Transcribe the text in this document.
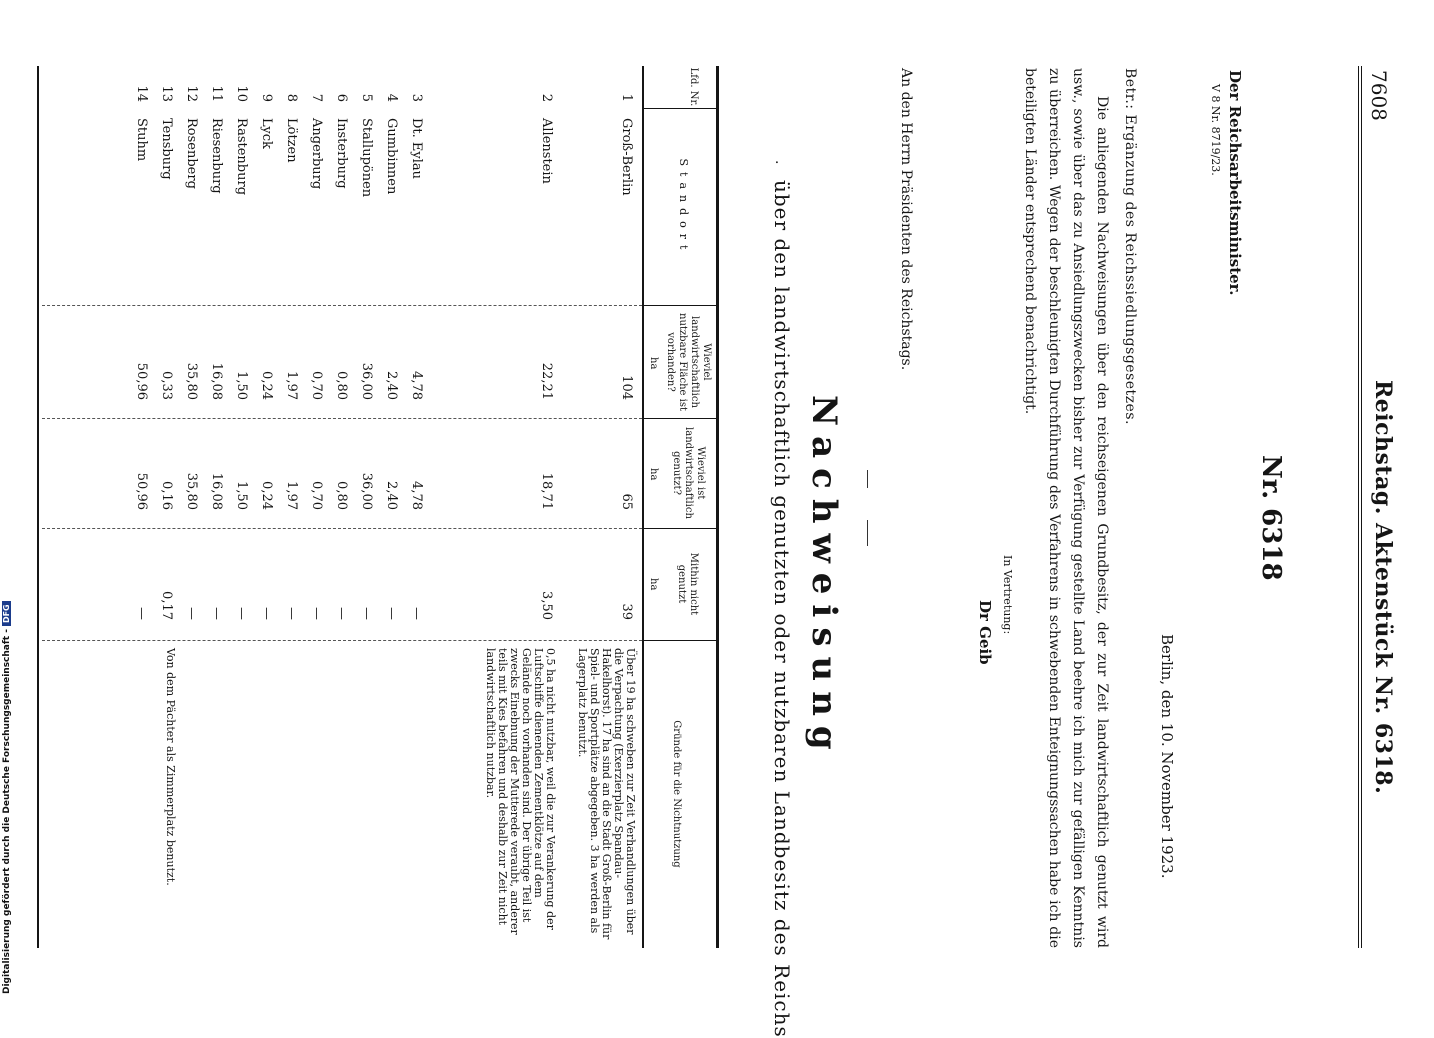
7608
Reichstag. Aktenstück Nr. 6318.
Nr. 6318
Der Reichsarbeitsminister.
V 8 Nr. 8719/23.
Berlin, den 10. November 1923.
Betr.: Ergänzung des Reichssiedlungsgesetzes.
Die anliegenden Nachweisungen über den reichseigenen Grundbesitz, der zur Zeit landwirtschaftlich genutzt wird usw., sowie über das zu Ansiedlungszwecken bisher zur Verfügung gestellte Land beehre ich mich zur gefälligen Kenntnis zu überreichen. Wegen der beschleunigten Durchführung des Verfahrens in schwebenden Enteignungssachen habe ich die beteiligten Länder entsprechend benachrichtigt.
In Vertretung:
Dr Geib
An den Herrn Präsidenten des Reichstags.
Nachweisung
·
über den landwirtschaftlich genutzten oder nutzbaren Landbesitz des Reichs
Lfd. Nr.
Standort
Wieviel landwirtschaftlich nutzbare Fläche ist vorhanden?
Wieviel ist landwirtschaftlich genutzt?
Mithin nicht genutzt
Gründe für die Nichtnutzung
ha
ha
ha
1
Groß-Berlin
104
65
39
Über 19 ha schweben zur Zeit Verhandlungen über die Verpachtung (Exerzierplatz Spandau-Hakelhorst). 17 ha sind an die Stadt Groß-Berlin für Spiel- und Sportplätze abgegeben. 3 ha werden als Lagerplatz benutzt.
2
Allenstein
22,21
18,71
3,50
0,5 ha nicht nutzbar, weil die zur Verankerung der Luftschiffe dienenden Zementklötze auf dem Gelände noch vorhanden sind. Der übrige Teil ist zwecks Einebnung der Mutterede veraubt, anderer teils mit Kies befahren und deshalb zur Zeit nicht landwirtschaftlich nutzbar.
3
Dt. Eylau
4,78
4,78
—
4
Gumbinnen
2,40
2,40
—
5
Stallupönen
36,00
36,00
—
6
Insterburg
0,80
0,80
—
7
Angerburg
0,70
0,70
—
8
Lötzen
1,97
1,97
—
9
Lyck
0,24
0,24
—
10
Rastenburg
1,50
1,50
—
11
Riesenburg
16,08
16,08
—
12
Rosenberg
35,80
35,80
—
13
Tensburg
0,33
0,16
0,17
Von dem Pächter als Zimmerplatz benutzt.
14
Stuhm
50,96
50,96
—
Digitalisierung gefördert durch die Deutsche Forschungsgemeinschaft -DFG
